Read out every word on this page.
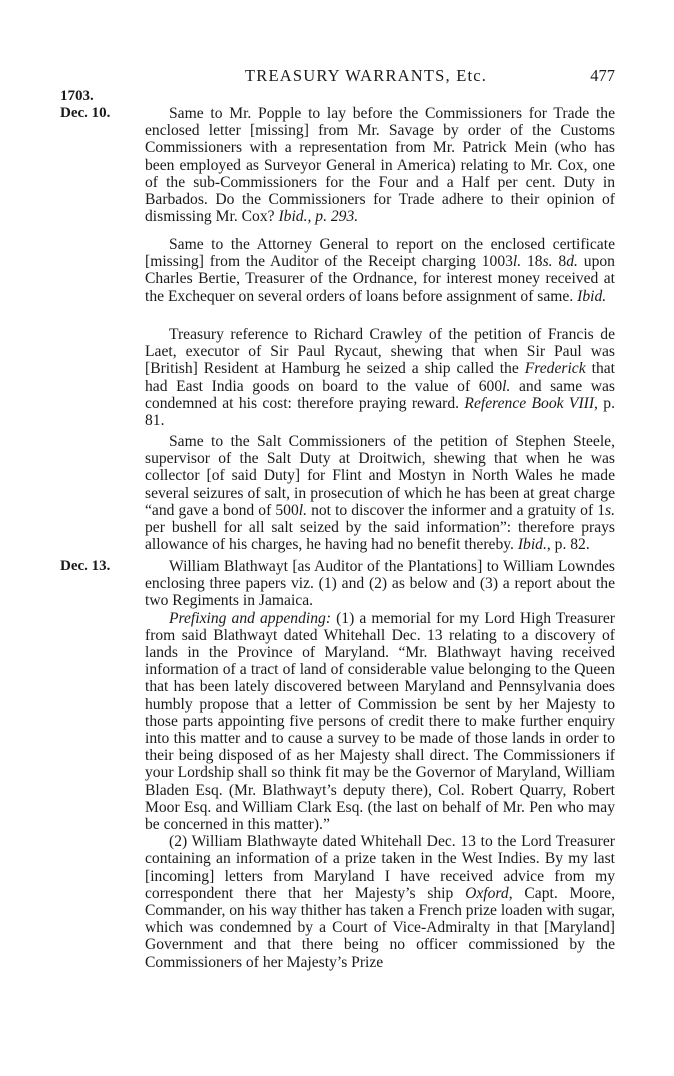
TREASURY WARRANTS, Etc.	477
1703.
Dec. 10.
Dec. 13.

Same to Mr. Popple to lay before the Commissioners for Trade the enclosed letter [missing] from Mr. Savage by order of the Customs Commissioners with a representation from Mr. Patrick Mein (who has been employed as Surveyor General in America) relating to Mr. Cox, one of the sub-Commissioners for the Four and a Half per cent. Duty in Barbados. Do the Commissioners for Trade adhere to their opinion of dismissing Mr. Cox? Ibid., p. 293.

Same to the Attorney General to report on the enclosed certificate [missing] from the Auditor of the Receipt charging 1003l. 18s. 8d. upon Charles Bertie, Treasurer of the Ordnance, for interest money received at the Exchequer on several orders of loans before assignment of same. Ibid.

Treasury reference to Richard Crawley of the petition of Francis de Laet, executor of Sir Paul Rycaut, shewing that when Sir Paul was [British] Resident at Hamburg he seized a ship called the Frederick that had East India goods on board to the value of 600l. and same was condemned at his cost: therefore praying reward. Reference Book VIII, p. 81.

Same to the Salt Commissioners of the petition of Stephen Steele, supervisor of the Salt Duty at Droitwich, shewing that when he was collector [of said Duty] for Flint and Mostyn in North Wales he made several seizures of salt, in prosecution of which he has been at great charge “and gave a bond of 500l. not to discover the informer and a gratuity of 1s. per bushell for all salt seized by the said information”: therefore prays allowance of his charges, he having had no benefit thereby. Ibid., p. 82.

William Blathwayt [as Auditor of the Plantations] to William Lowndes enclosing three papers viz. (1) and (2) as below and (3) a report about the two Regiments in Jamaica.

Prefixing and appending: (1) a memorial for my Lord High Treasurer from said Blathwayt dated Whitehall Dec. 13 relating to a discovery of lands in the Province of Maryland. “Mr. Blathwayt having received information of a tract of land of considerable value belonging to the Queen that has been lately discovered between Maryland and Pennsylvania does humbly propose that a letter of Commission be sent by her Majesty to those parts appointing five persons of credit there to make further enquiry into this matter and to cause a survey to be made of those lands in order to their being disposed of as her Majesty shall direct. The Commissioners if your Lordship shall so think fit may be the Governor of Maryland, William Bladen Esq. (Mr. Blathwayt’s deputy there), Col. Robert Quarry, Robert Moor Esq. and William Clark Esq. (the last on behalf of Mr. Pen who may be concerned in this matter).”

(2) William Blathwayte dated Whitehall Dec. 13 to the Lord Treasurer containing an information of a prize taken in the West Indies. By my last [incoming] letters from Maryland I have received advice from my correspondent there that her Majesty’s ship Oxford, Capt. Moore, Commander, on his way thither has taken a French prize loaden with sugar, which was condemned by a Court of Vice-Admiralty in that [Maryland] Government and that there being no officer commissioned by the Commissioners of her Majesty’s Prize
